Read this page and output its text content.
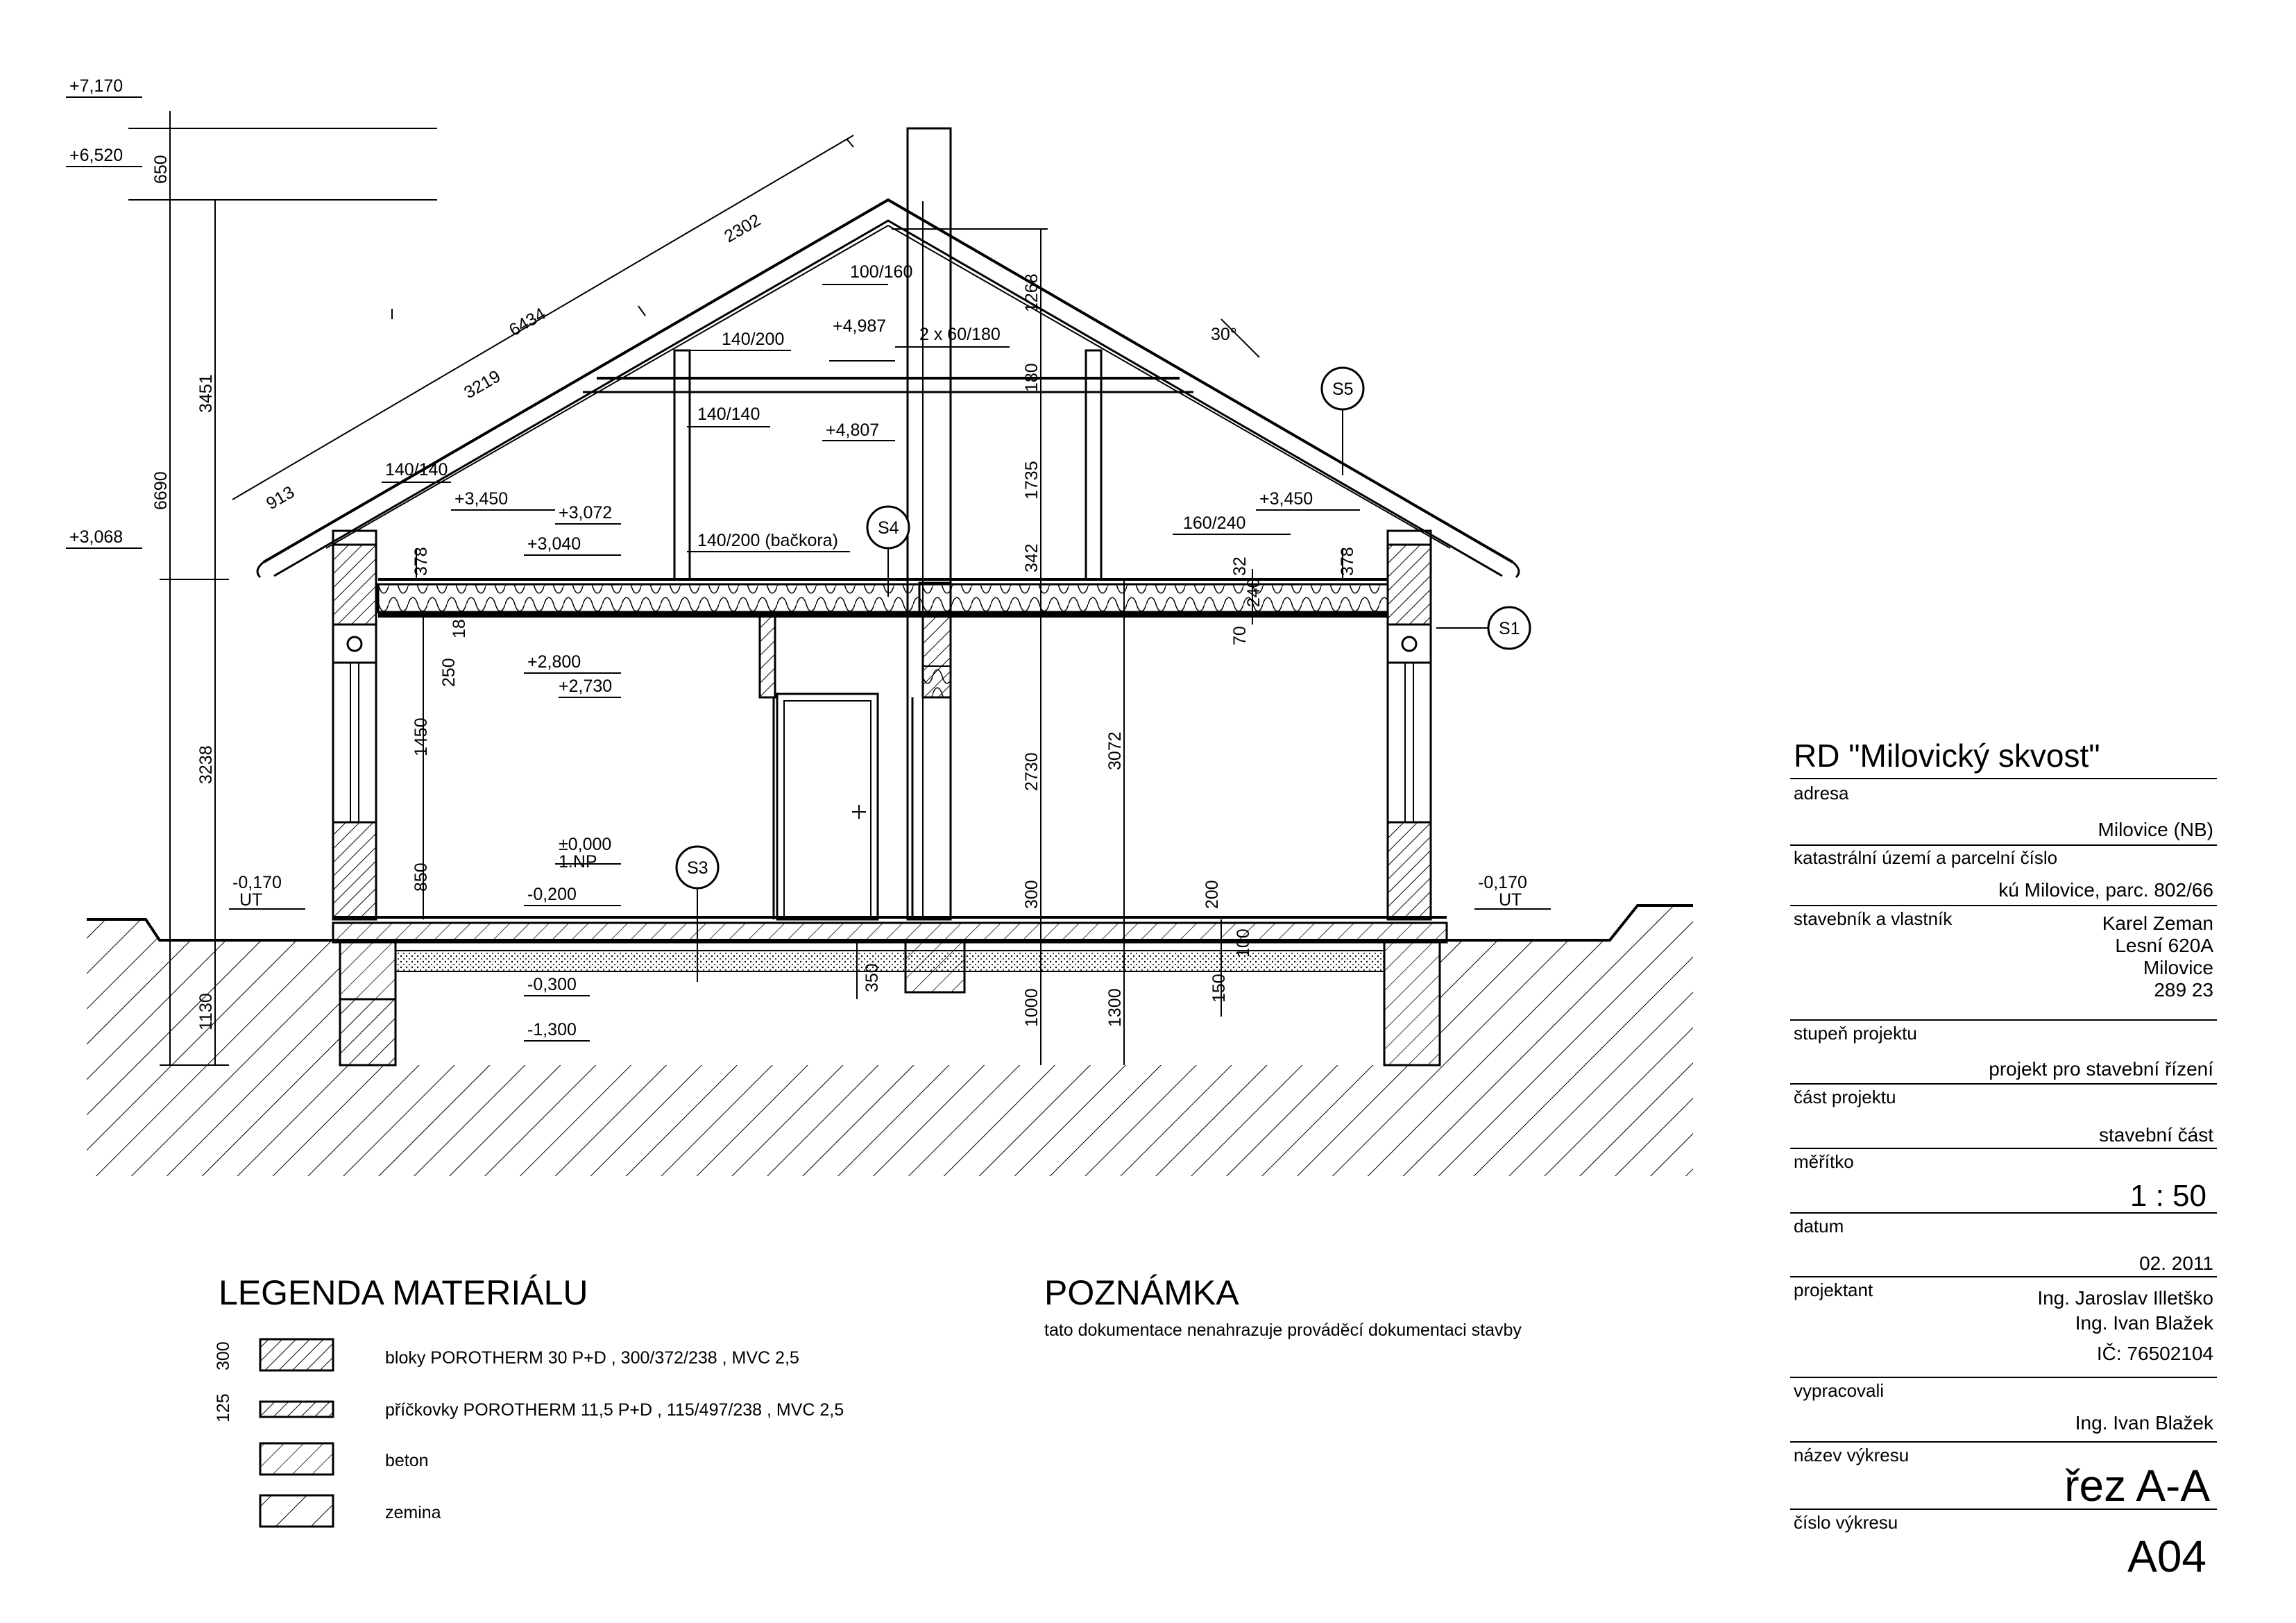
+7,170
+6,520
+3,068
+3,450	+3,450
+4,987
+4,807
+3,072
+3,040
+2,800
+2,730
±0,000
1.NP
-0,200
-0,300
-1,300
-0,170
UT
-0,170
UT
650
3451
6690
3238
1130
6434
2302
3219
913
1268
180
1735
342
2730
3072
300
1000	1300
200
100
150
350
378	378
250
18
1450
850
32
240
70
30°
100/160
2 x 60/180
140/200
140/140
140/140
140/200 (bačkora)
160/240
S1
S3
S4
S5
LEGENDA MATERIÁLU
300	bloky POROTHERM 30 P+D , 300/372/238 , MVC 2,5
125	příčkovky POROTHERM 11,5 P+D , 115/497/238 , MVC 2,5
beton
zemina
POZNÁMKA
tato dokumentace nenahrazuje prováděcí dokumentaci stavby
RD "Milovický skvost"
adresa
Milovice (NB)
katastrální území a parcelní číslo
kú Milovice, parc. 802/66
stavebník a vlastník	Karel Zeman
Lesní 620A
Milovice
289 23
stupeň projektu
projekt pro stavební řízení
část projektu
stavební část
měřítko
1 : 50
datum
02. 2011
projektant	Ing. Jaroslav Illetško
Ing. Ivan Blažek
IČ: 76502104
vypracovali
Ing. Ivan Blažek
název výkresu
řez A-A
číslo výkresu
A04
